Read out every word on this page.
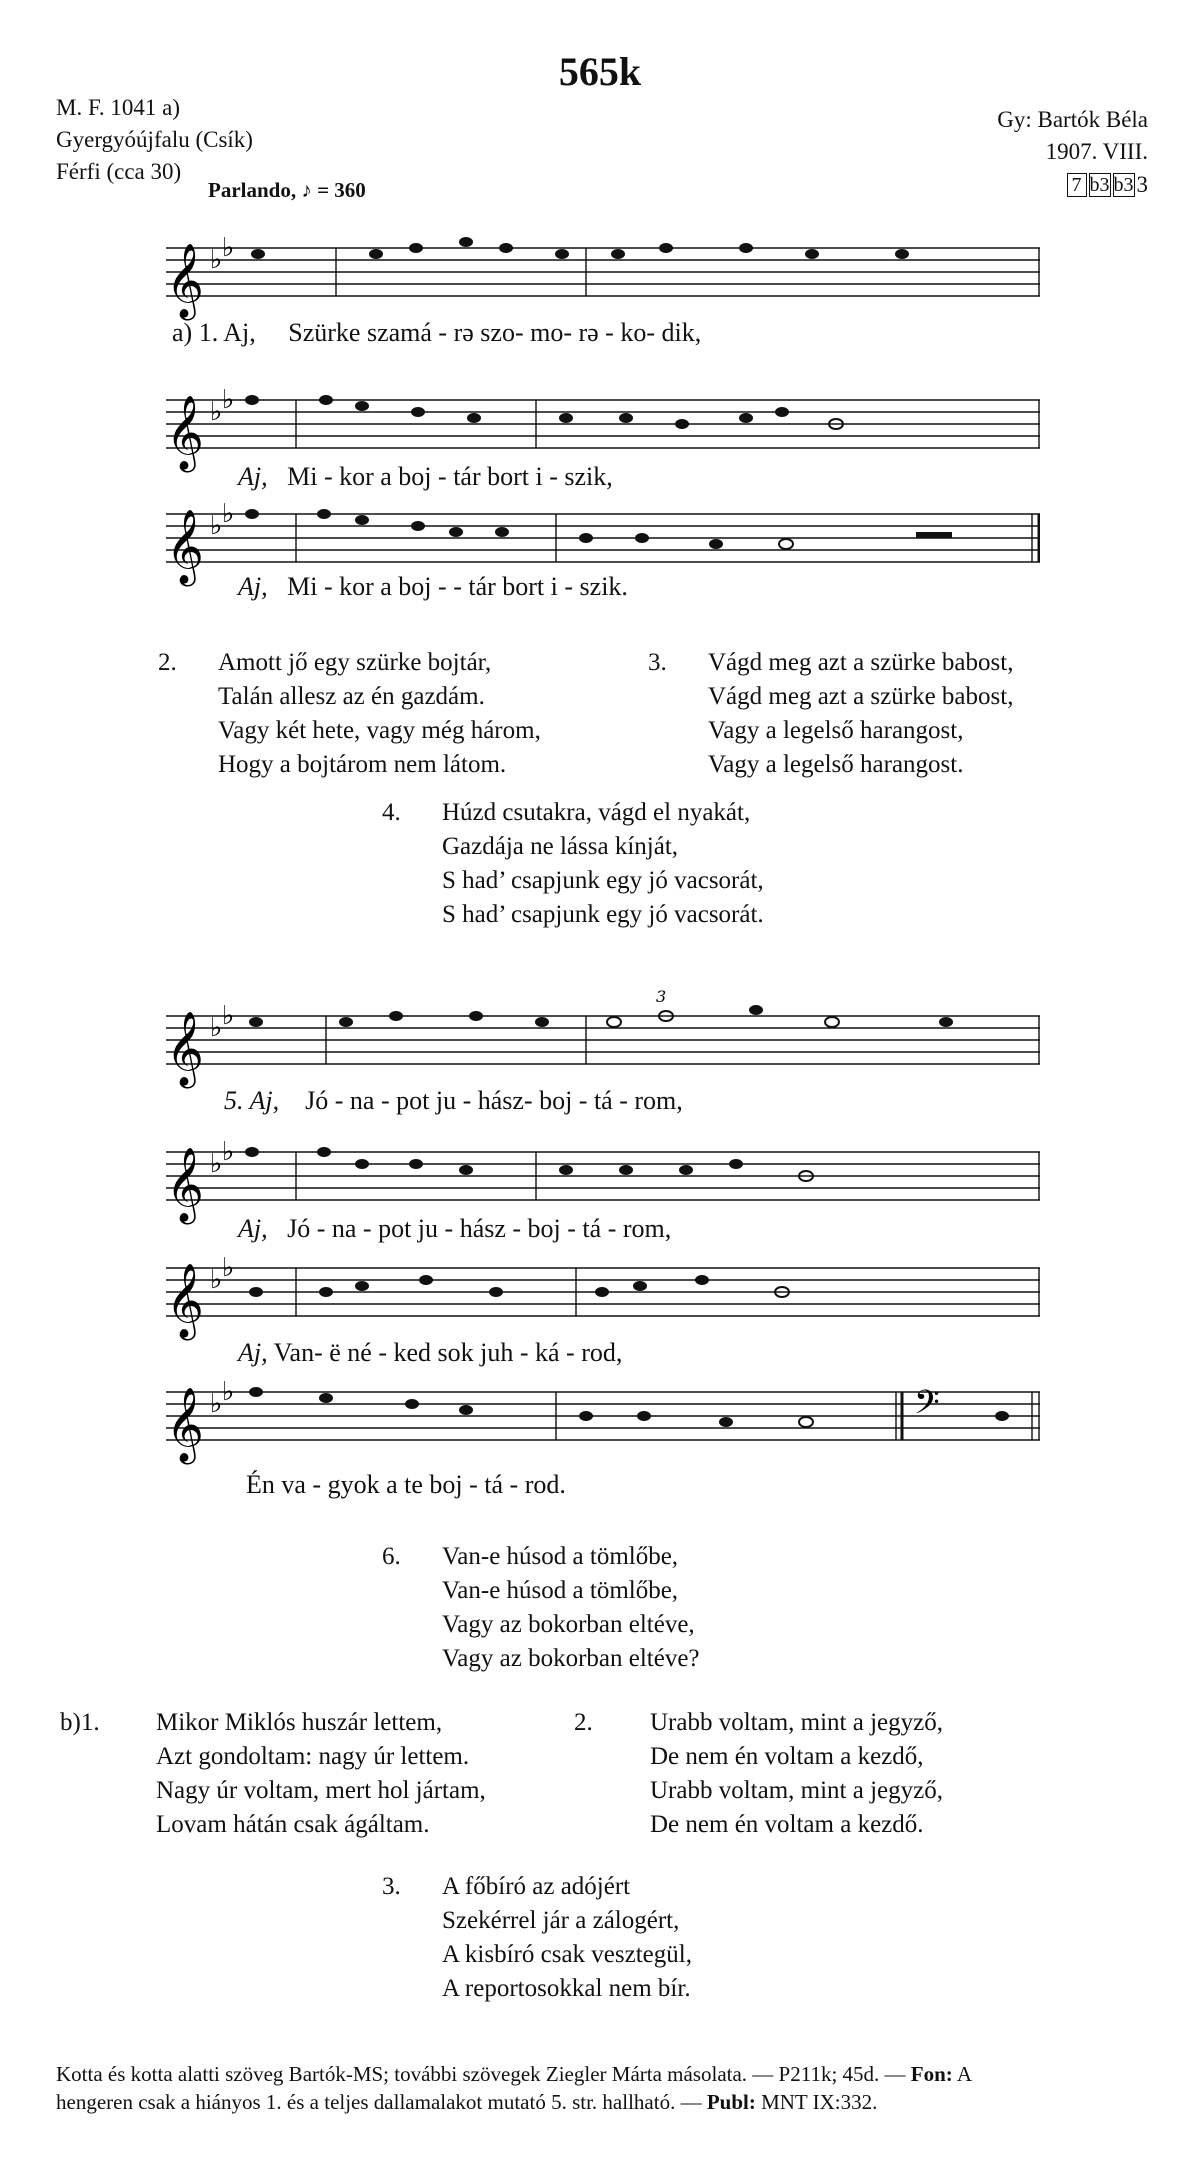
565k
M. F. 1041 a)
Gyergyóújfalu (Csík)
Férfi (cca 30)
Gy: Bartók Béla
1907. VIII.
7 b3 b3 3
Parlando, ♪ = 360
𝄞 ♭ ♭
a) 1. Aj, Szürke szamá - rə szo- mo- rə - ko- dik,
𝄞 ♭ ♭
Aj, Mi - kor a boj - tár bort i - szik,
𝄞 ♭ ♭
Aj, Mi - kor a boj - - tár bort i - szik.
2. Amott jő egy szürke bojtár,
Talán allesz az én gazdám.
Vagy két hete, vagy még három,
Hogy a bojtárom nem látom.
3. Vágd meg azt a szürke babost,
Vágd meg azt a szürke babost,
Vagy a legelső harangost,
Vagy a legelső harangost.
4. Húzd csutakra, vágd el nyakát,
Gazdája ne lássa kínját,
S had’ csapjunk egy jó vacsorát,
S had’ csapjunk egy jó vacsorát.
𝄞 ♭ ♭
3
5. Aj, Jó - na - pot ju - hász- boj - tá - rom,
𝄞 ♭ ♭
Aj, Jó - na - pot ju - hász - boj - tá - rom,
𝄞 ♭ ♭
Aj, Van- ë né - ked sok juh - ká - rod,
𝄞 ♭ ♭	𝄢
Én va - gyok a te boj - tá - rod.
6. Van-e húsod a tömlőbe,
Van-e húsod a tömlőbe,
Vagy az bokorban eltéve,
Vagy az bokorban eltéve?
b)1. Mikor Miklós huszár lettem,
Azt gondoltam: nagy úr lettem.
Nagy úr voltam, mert hol jártam,
Lovam hátán csak ágáltam.
2. Urabb voltam, mint a jegyző,
De nem én voltam a kezdő,
Urabb voltam, mint a jegyző,
De nem én voltam a kezdő.
3. A főbíró az adójért
Szekérrel jár a zálogért,
A kisbíró csak vesztegül,
A reportosokkal nem bír.
Kotta és kotta alatti szöveg Bartók-MS; további szövegek Ziegler Márta másolata. — P211k; 45d. — Fon: A
hengeren csak a hiányos 1. és a teljes dallamalakot mutató 5. str. hallható. — Publ: MNT IX:332.
